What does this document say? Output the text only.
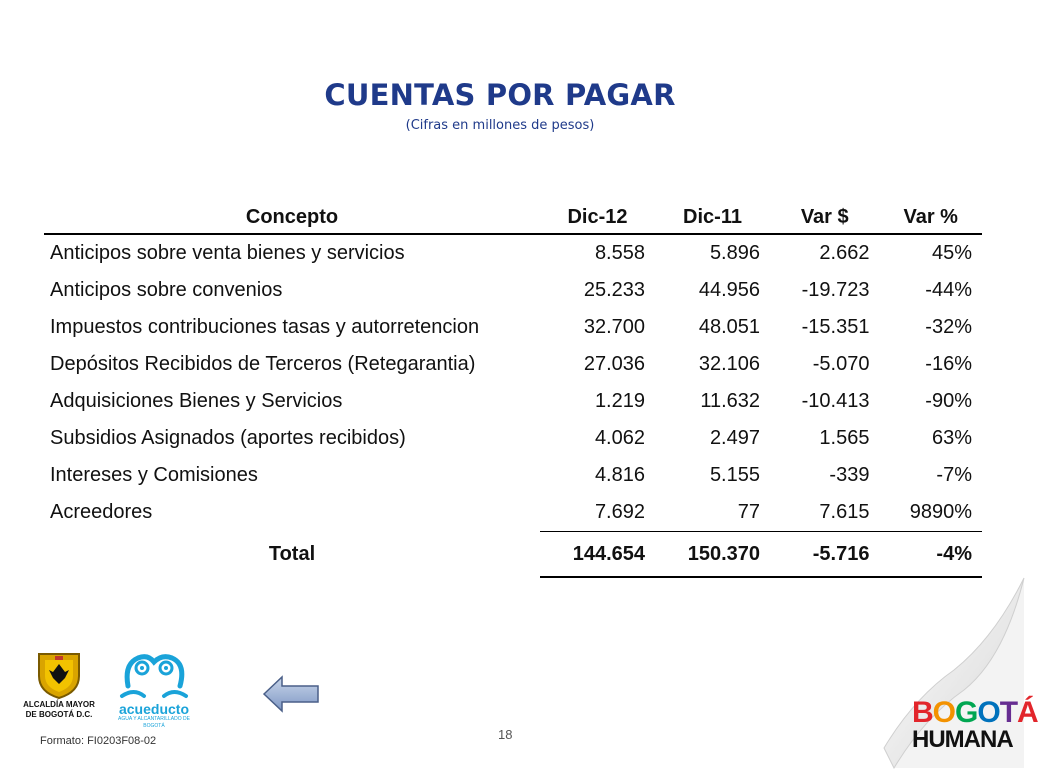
CUENTAS POR PAGAR
(Cifras en millones de pesos)
Concepto	Dic-12	Dic-11	Var $	Var %
Anticipos sobre venta bienes y servicios	8.558	5.896	2.662	45%
Anticipos sobre convenios	25.233	44.956	-19.723	-44%
Impuestos contribuciones tasas y autorretencion	32.700	48.051	-15.351	-32%
Depósitos Recibidos de Terceros (Retegarantia)	27.036	32.106	-5.070	-16%
Adquisiciones Bienes y Servicios	1.219	11.632	-10.413	-90%
Subsidios Asignados (aportes recibidos)	4.062	2.497	1.565	63%
Intereses y Comisiones	4.816	5.155	-339	-7%
Acreedores	7.692	77	7.615	9890%
Total	144.654	150.370	-5.716	-4%
ALCALDÍA MAYOR
DE BOGOTÁ D.C.	acueducto
AGUA Y ALCANTARILLADO DE BOGOTÁ
Formato: FI0203F08-02	18
BOGOTÁ
HUMANA
